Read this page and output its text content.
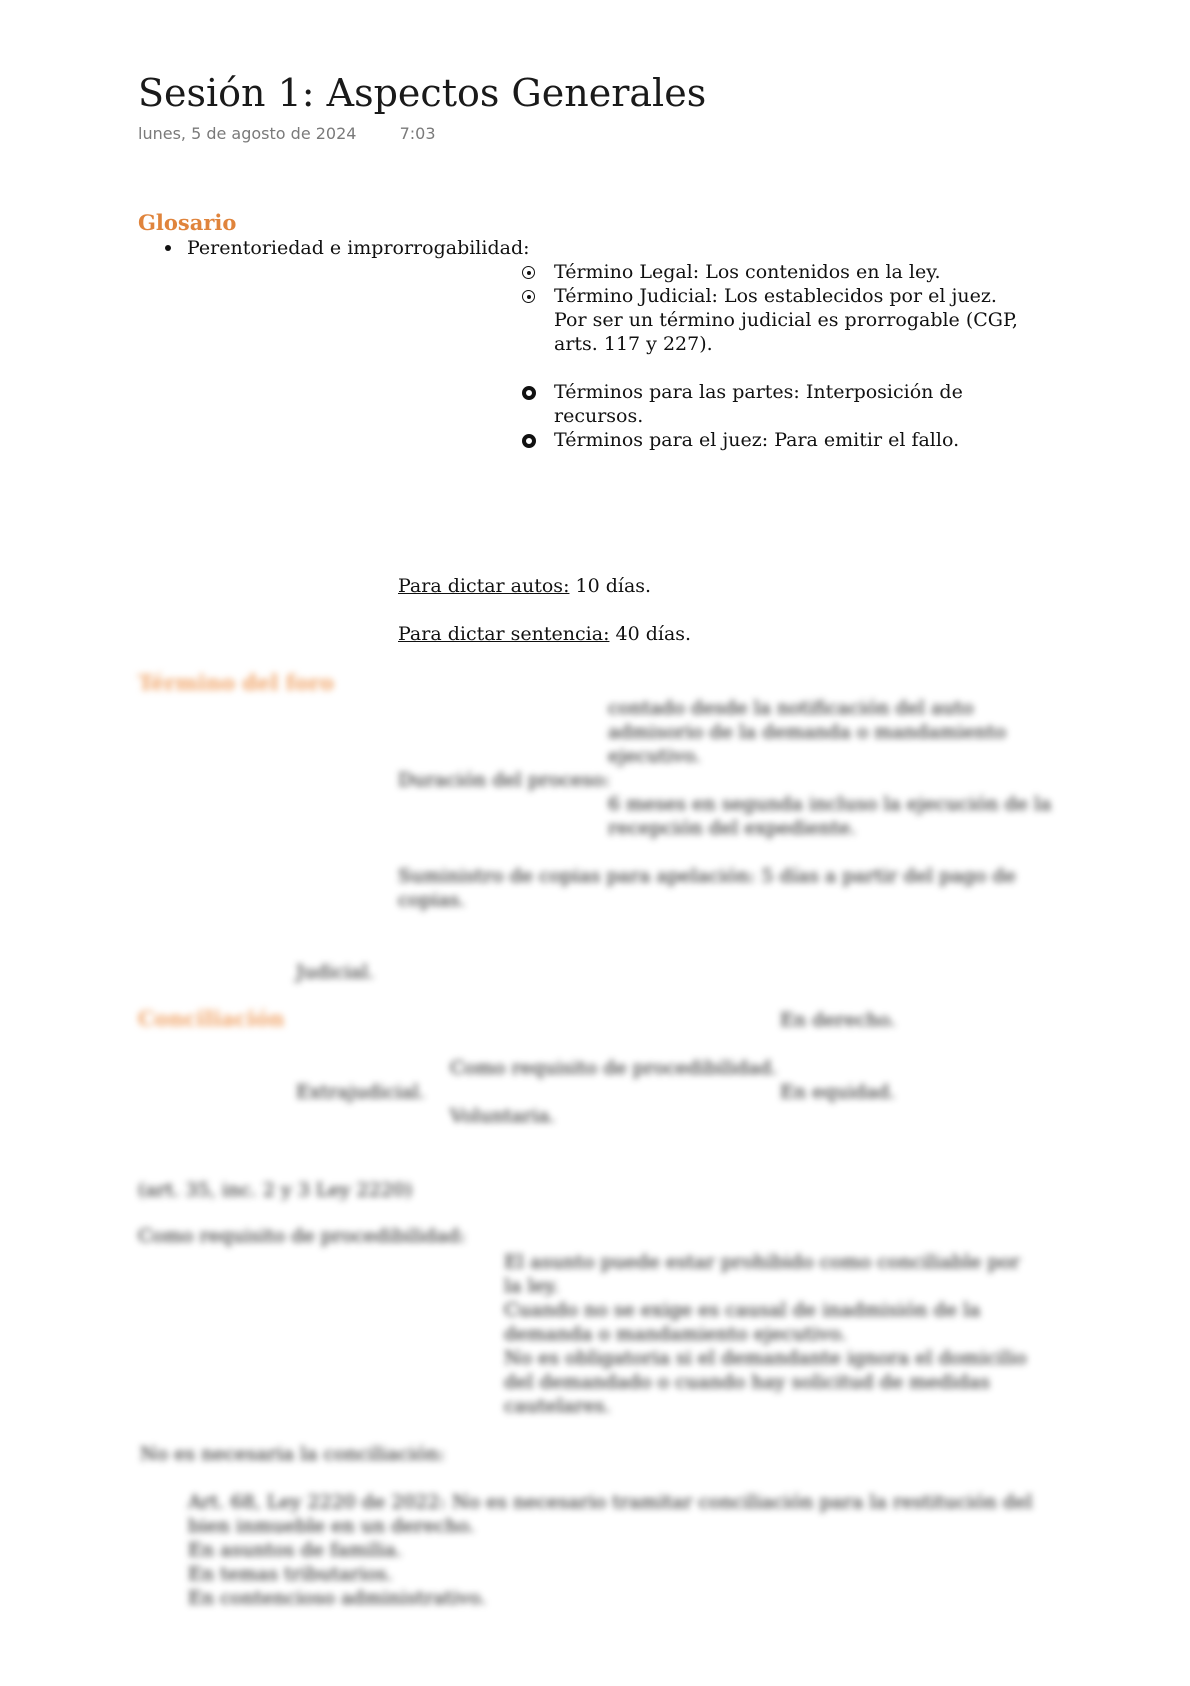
Sesión 1: Aspectos Generales
lunes, 5 de agosto de 2024	7:03
Glosario
Perentoriedad e improrrogabilidad:
Término Legal: Los contenidos en la ley.
Término Judicial: Los establecidos por el juez.
Por ser un término judicial es prorrogable (CGP,
arts. 117 y 227).
Términos para las partes: Interposición de
recursos.
Términos para el juez: Para emitir el fallo.
Para dictar autos: 10 días.
Para dictar sentencia: 40 días.
Término del foro
contado desde la notificación del auto
admisorio de la demanda o mandamiento
ejecutivo.
Duración del proceso:
6 meses en segunda incluso la ejecución de la
recepción del expediente.
Suministro de copias para apelación: 5 días a partir del pago de
copias.
Judicial.
Conciliación	En derecho.
Como requisito de procedibilidad.
Extrajudicial.	En equidad.
Voluntaria.
(art. 35, inc. 2 y 3 Ley 2220)
Como requisito de procedibilidad:
El asunto puede estar prohibido como conciliable por
la ley.
Cuando no se exige es causal de inadmisión de la
demanda o mandamiento ejecutivo.
No es obligatoria si el demandante ignora el domicilio
del demandado o cuando hay solicitud de medidas
cautelares.
No es necesaria la conciliación:
Art. 68, Ley 2220 de 2022: No es necesario tramitar conciliación para la restitución del
bien inmueble en un derecho.
En asuntos de familia.
En temas tributarios.
En contencioso administrativo.
